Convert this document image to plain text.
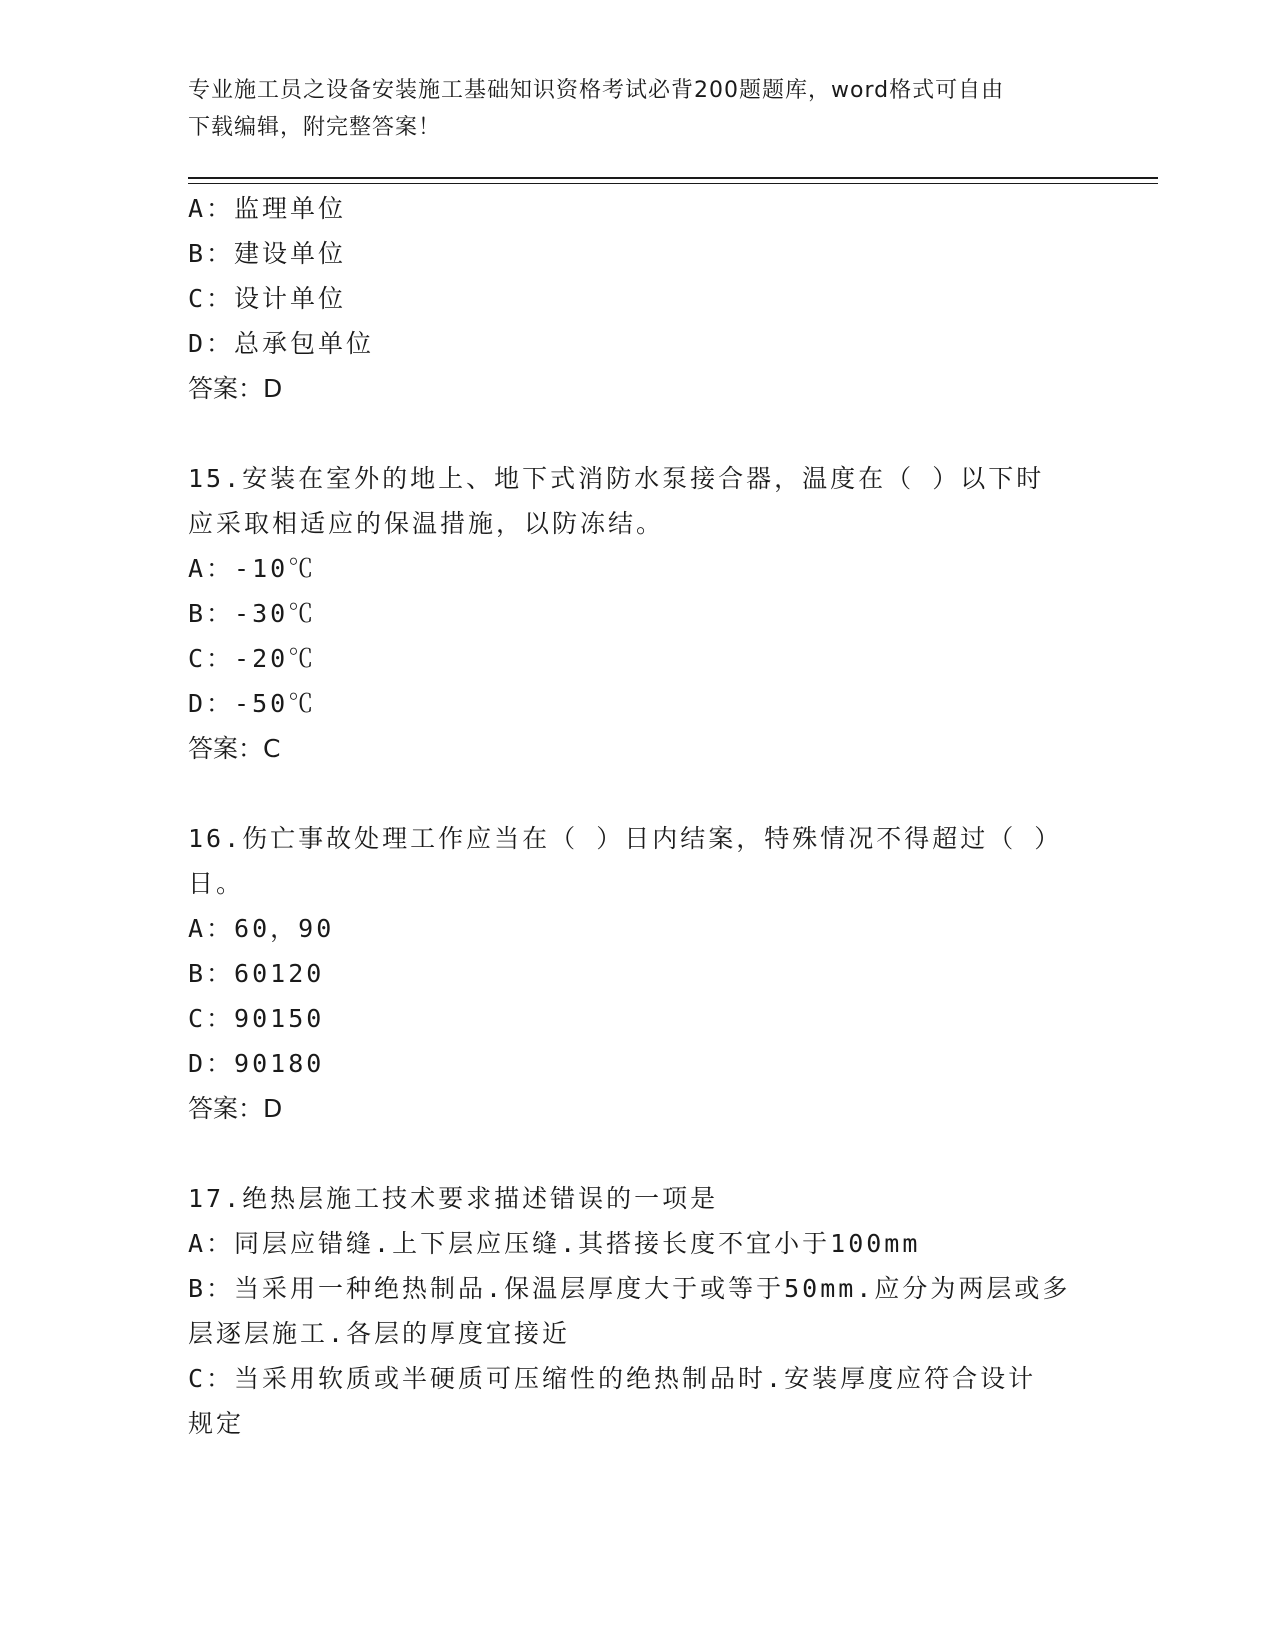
专业施工员之设备安装施工基础知识资格考试必背200题题库，word格式可自由
下载编辑，附完整答案！

A：监理单位

B：建设单位

C：设计单位

D：总承包单位

答案：D

15.安装在室外的地上、地下式消防水泵接合器，温度在（ ）以下时

应采取相适应的保温措施，以防冻结。

A：-10℃

B：-30℃

C：-20℃

D：-50℃

答案：C

16.伤亡事故处理工作应当在（ ）日内结案，特殊情况不得超过（ ）

日。

A：60，90

B：60120

C：90150

D：90180

答案：D

17.绝热层施工技术要求描述错误的一项是

A：同层应错缝.上下层应压缝.其搭接长度不宜小于100mm

B：当采用一种绝热制品.保温层厚度大于或等于50mm.应分为两层或多

层逐层施工.各层的厚度宜接近

C：当采用软质或半硬质可压缩性的绝热制品时.安装厚度应符合设计

规定
